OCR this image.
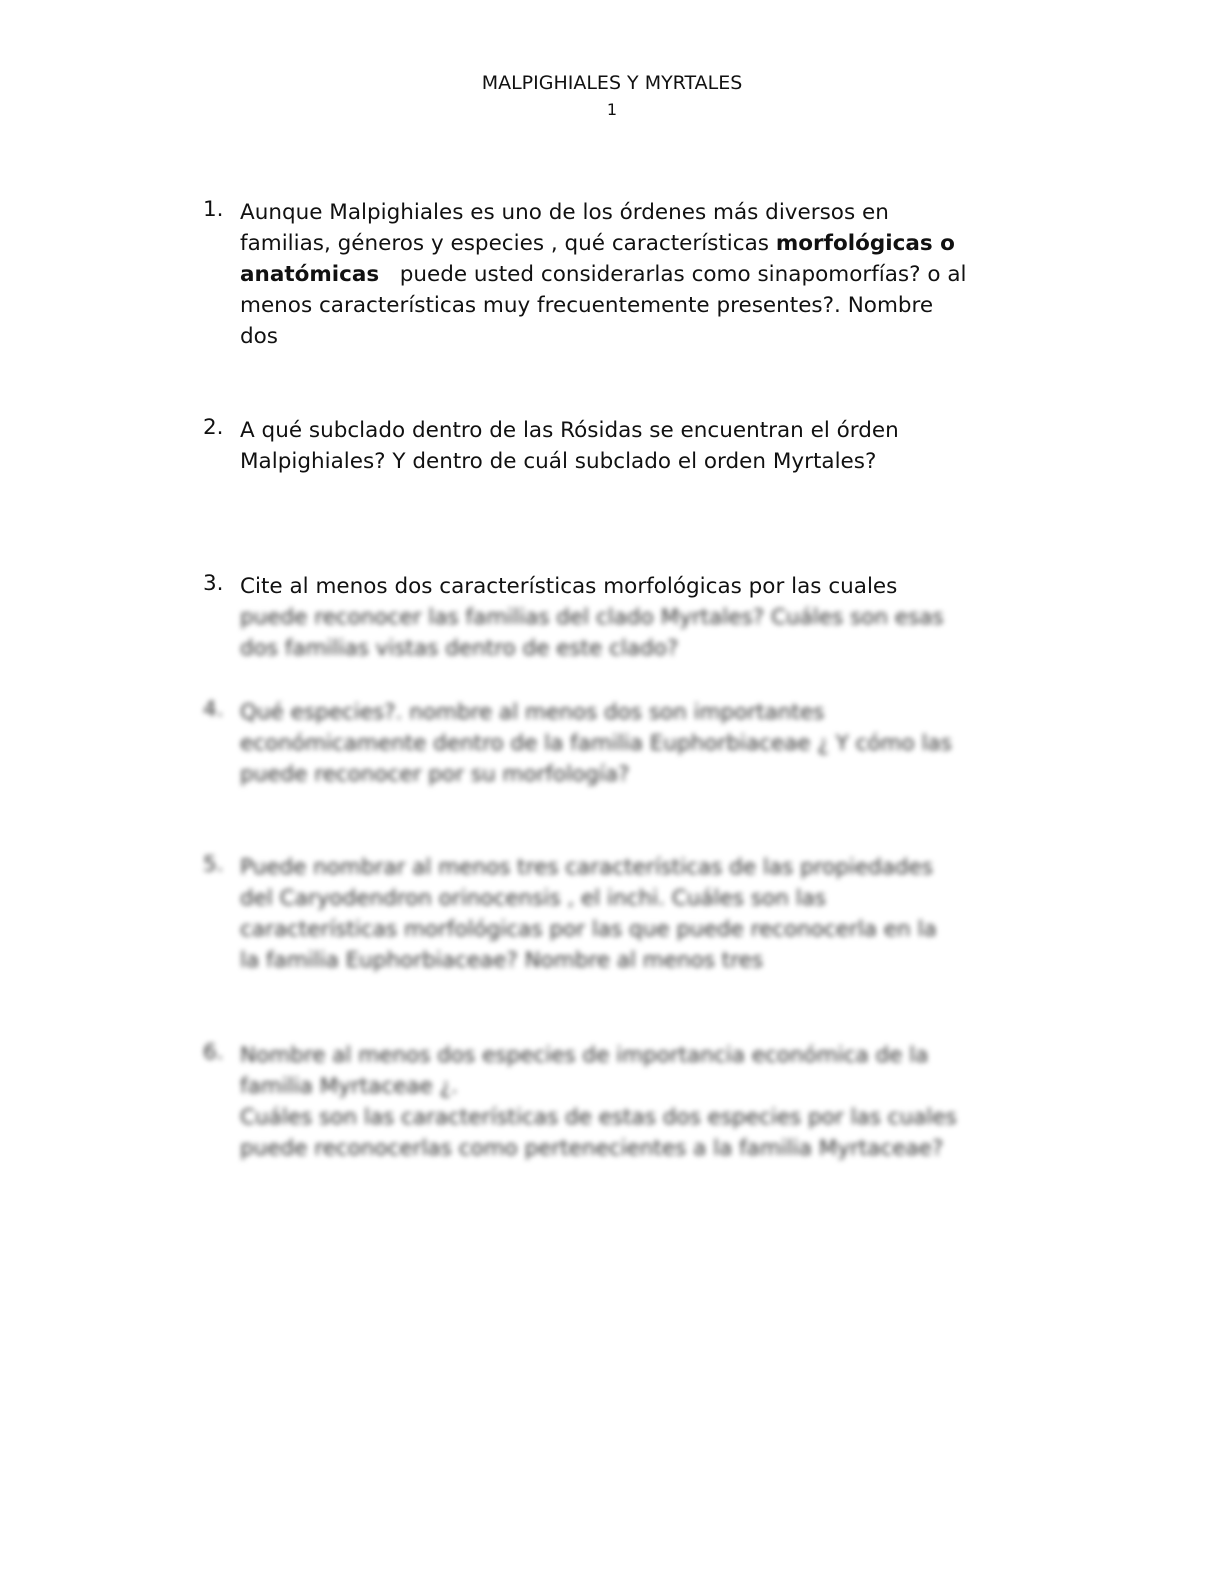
MALPIGHIALES Y MYRTALES
1
1. Aunque Malpighiales es uno de los órdenes más diversos en
familias, géneros y especies , qué características morfológicas o
anatómicas   puede usted considerarlas como sinapomorfías? o al
menos características muy frecuentemente presentes?. Nombre
dos
2. A qué subclado dentro de las Rósidas se encuentran el órden
Malpighiales? Y dentro de cuál subclado el orden Myrtales?
3. Cite al menos dos características morfológicas por las cuales
puede reconocer las familias del clado Myrtales? Cuáles son esas
dos familias vistas dentro de este clado?
4. Qué especies?. nombre al menos dos son importantes
económicamente dentro de la familia Euphorbiaceae ¿ Y cómo las
puede reconocer por su morfología?
5. Puede nombrar al menos tres características de las propiedades
del Caryodendron orinocensis , el inchi. Cuáles son las
características morfológicas por las que puede reconocerla en la
la familia Euphorbiaceae? Nombre al menos tres
6. Nombre al menos dos especies de importancia económica de la
familia Myrtaceae ¿.
Cuáles son las características de estas dos especies por las cuales
puede reconocerlas como pertenecientes a la familia Myrtaceae?
